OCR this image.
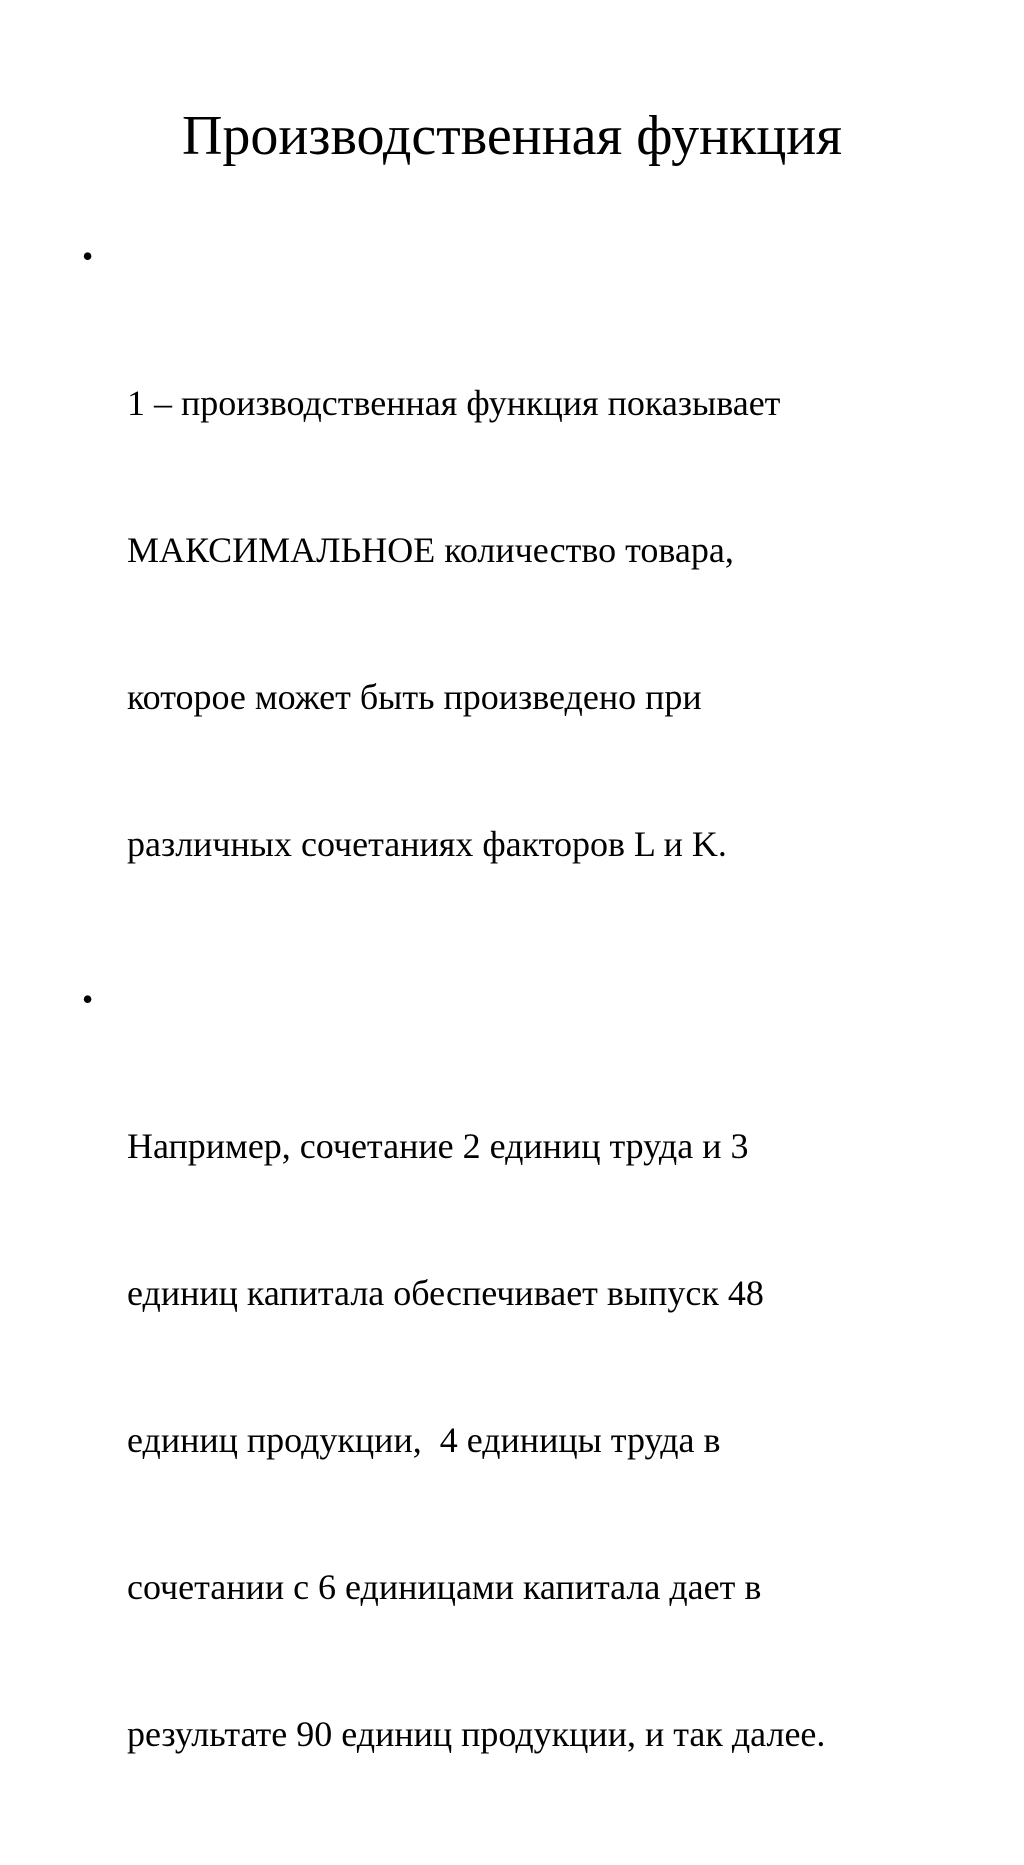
Производственная функция

•

1 – производственная функция показывает

МАКСИМАЛЬНОЕ количество товара,

которое может быть произведено при

различных сочетаниях факторов L и K.

•

Например, сочетание 2 единиц труда и 3

единиц капитала обеспечивает выпуск 48

единиц продукции,  4 единицы труда в

сочетании с 6 единицами капитала дает в

результате 90 единиц продукции, и так далее.
